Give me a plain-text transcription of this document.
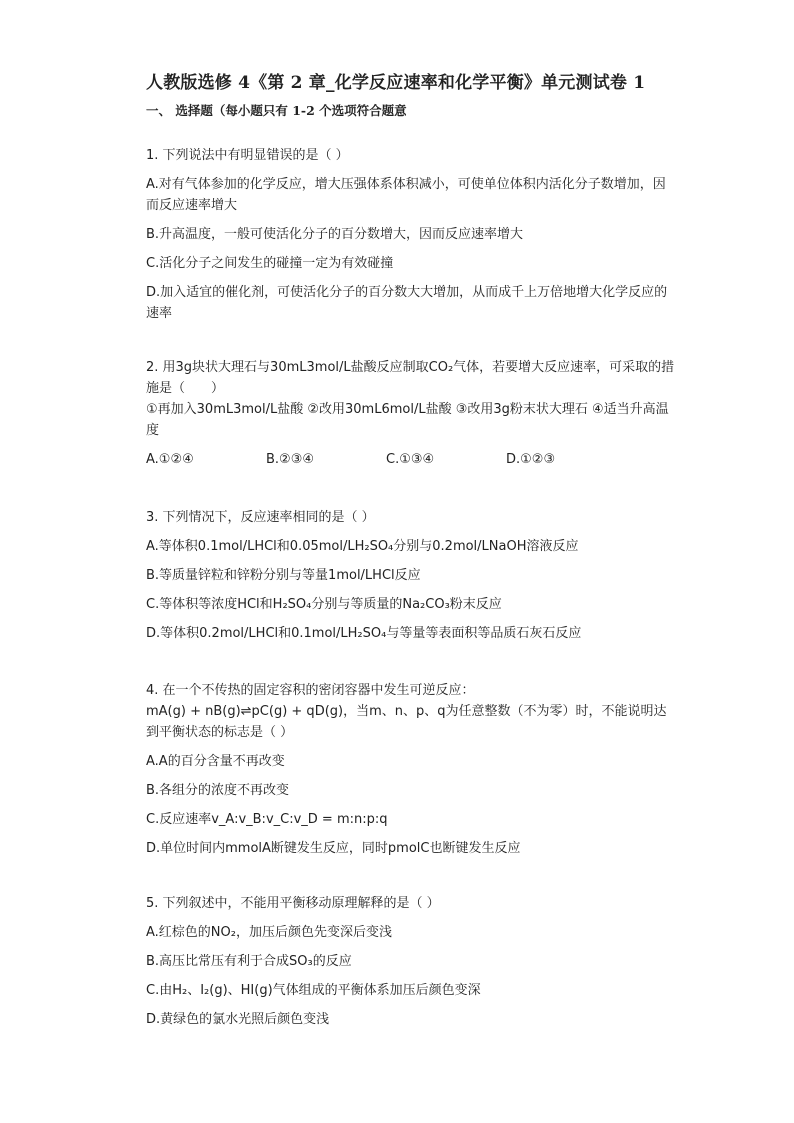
人教版选修 4《第 2 章_化学反应速率和化学平衡》单元测试卷 1
一、 选择题（每小题只有 1-2 个选项符合题意
1. 下列说法中有明显错误的是（ ）
A.对有气体参加的化学反应，增大压强体系体积减小，可使单位体积内活化分子数增加，因而反应速率增大
B.升高温度，一般可使活化分子的百分数增大，因而反应速率增大
C.活化分子之间发生的碰撞一定为有效碰撞
D.加入适宜的催化剂，可使活化分子的百分数大大增加，从而成千上万倍地增大化学反应的速率
2. 用3g块状大理石与30mL3mol/L盐酸反应制取CO₂气体，若要增大反应速率，可采取的措施是（　　）
①再加入30mL3mol/L盐酸 ②改用30mL6mol/L盐酸 ③改用3g粉末状大理石 ④适当升高温度
A.①②④	B.②③④	C.①③④	D.①②③
3. 下列情况下，反应速率相同的是（ ）
A.等体积0.1mol/LHCl和0.05mol/LH₂SO₄分别与0.2mol/LNaOH溶液反应
B.等质量锌粒和锌粉分别与等量1mol/LHCl反应
C.等体积等浓度HCl和H₂SO₄分别与等质量的Na₂CO₃粉末反应
D.等体积0.2mol/LHCl和0.1mol/LH₂SO₄与等量等表面积等品质石灰石反应
4. 在一个不传热的固定容积的密闭容器中发生可逆反应：
mA(g) + nB(g)⇌pC(g) + qD(g)，当m、n、p、q为任意整数（不为零）时，不能说明达到平衡状态的标志是（ ）
A.A的百分含量不再改变
B.各组分的浓度不再改变
C.反应速率v_A:v_B:v_C:v_D = m:n:p:q
D.单位时间内mmolA断键发生反应，同时pmolC也断键发生反应
5. 下列叙述中，不能用平衡移动原理解释的是（ ）
A.红棕色的NO₂，加压后颜色先变深后变浅
B.高压比常压有利于合成SO₃的反应
C.由H₂、I₂(g)、HI(g)气体组成的平衡体系加压后颜色变深
D.黄绿色的氯水光照后颜色变浅
